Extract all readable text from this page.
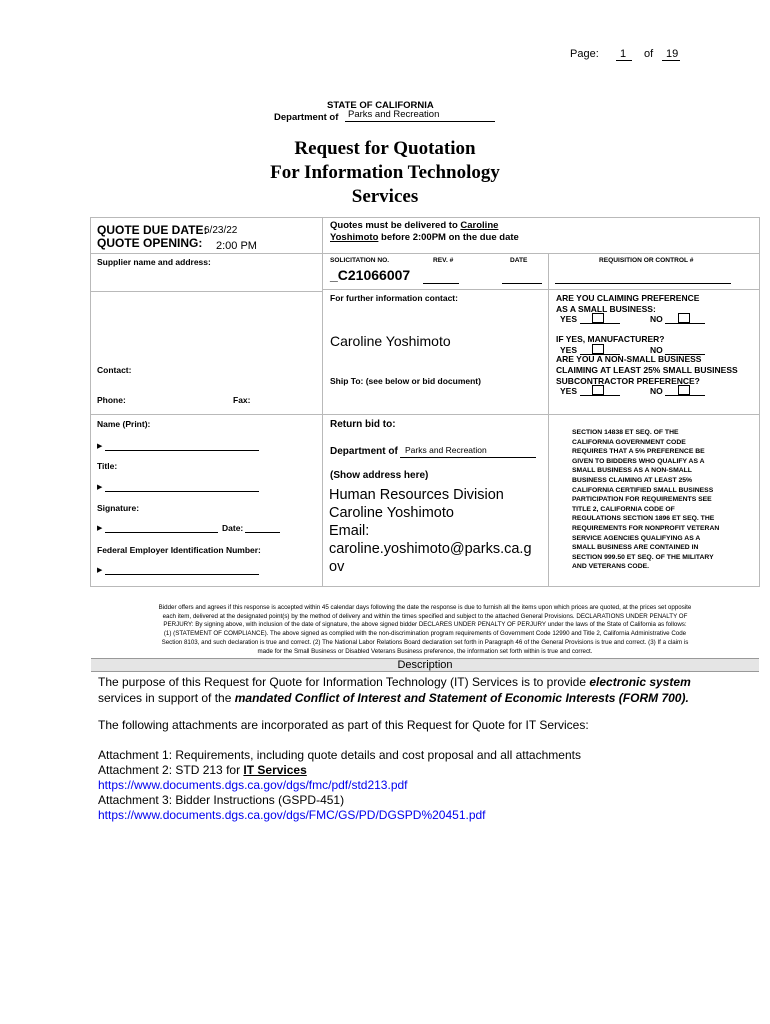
Page: 1 of 19
STATE OF CALIFORNIA
Department of Parks and Recreation
Request for Quotation
For Information Technology
Services
QUOTE DUE DATE:
6/23/22
QUOTE OPENING: 2:00 PM
Quotes must be delivered to Caroline
Yoshimoto before 2:00PM on the due date
Supplier name and address:
Contact:
Phone:	Fax:
SOLICITATION NO.	REV. #	DATE	REQUISITION OR CONTROL #
_C21066007
For further information contact:
Caroline Yoshimoto
Ship To: (see below or bid document)
ARE YOU CLAIMING PREFERENCE
AS A SMALL BUSINESS:
YES	NO
IF YES, MANUFACTURER?
YES	NO
ARE YOU A NON-SMALL BUSINESS
CLAIMING AT LEAST 25% SMALL BUSINESS
SUBCONTRACTOR PREFERENCE?
YES	NO
Name (Print):
▶
Title:
▶
Signature:
▶	Date:
Federal Employer Identification Number:
▶
Return bid to:
Department of Parks and Recreation
(Show address here)
Human Resources Division
Caroline Yoshimoto
Email:
caroline.yoshimoto@parks.ca.g
ov
SECTION 14838 ET SEQ. OF THE
CALIFORNIA GOVERNMENT CODE
REQUIRES THAT A 5% PREFERENCE BE
GIVEN TO BIDDERS WHO QUALIFY AS A
SMALL BUSINESS AS A NON-SMALL
BUSINESS CLAIMING AT LEAST 25%
CALIFORNIA CERTIFIED SMALL BUSINESS
PARTICIPATION FOR REQUIREMENTS SEE
TITLE 2, CALIFORNIA CODE OF
REGULATIONS SECTION 1896 ET SEQ. THE
REQUIREMENTS FOR NONPROFIT VETERAN
SERVICE AGENCIES QUALIFYING AS A
SMALL BUSINESS ARE CONTAINED IN
SECTION 999.50 ET SEQ. OF THE MILITARY
AND VETERANS CODE.
Bidder offers and agrees if this response is accepted within 45 calendar days following the date the response is due to furnish all the items upon which prices are quoted, at the prices set opposite
each item, delivered at the designated point(s) by the method of delivery and within the times specified and subject to the attached General Provisions. DECLARATIONS UNDER PENALTY OF
PERJURY: By signing above, with inclusion of the date of signature, the above signed bidder DECLARES UNDER PENALTY OF PERJURY under the laws of the State of California as follows:
(1) (STATEMENT OF COMPLIANCE). The above signed as complied with the non-discrimination program requirements of Government Code 12990 and Title 2, California Administrative Code
Section 8103, and such declaration is true and correct. (2) The National Labor Relations Board declaration set forth in Paragraph 46 of the General Provisions is true and correct. (3) If a claim is
made for the Small Business or Disabled Veterans Business preference, the information set forth within is true and correct.
Description
The purpose of this Request for Quote for Information Technology (IT) Services is to provide electronic system
services in support of the mandated Conflict of Interest and Statement of Economic Interests (FORM 700).
The following attachments are incorporated as part of this Request for Quote for IT Services:
Attachment 1: Requirements, including quote details and cost proposal and all attachments
Attachment 2: STD 213 for IT Services
https://www.documents.dgs.ca.gov/dgs/fmc/pdf/std213.pdf
Attachment 3: Bidder Instructions (GSPD-451)
https://www.documents.dgs.ca.gov/dgs/FMC/GS/PD/DGSPD%20451.pdf
